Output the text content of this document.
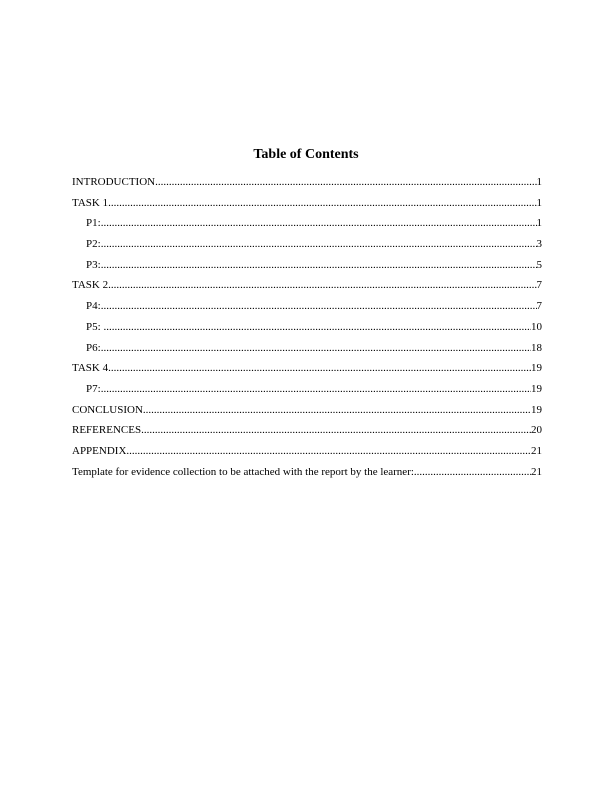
Table of Contents
INTRODUCTION .....	1
TASK 1 .....	1
P1: .....	1
P2: .....	3
P3: .....	5
TASK 2 .....	7
P4: .....	7
P5: .....	10
P6: .....	18
TASK 4 .....	19
P7: .....	19
CONCLUSION .....	19
REFERENCES .....	20
APPENDIX .....	21
Template for evidence collection to be attached with the report by the learner: .....	21
